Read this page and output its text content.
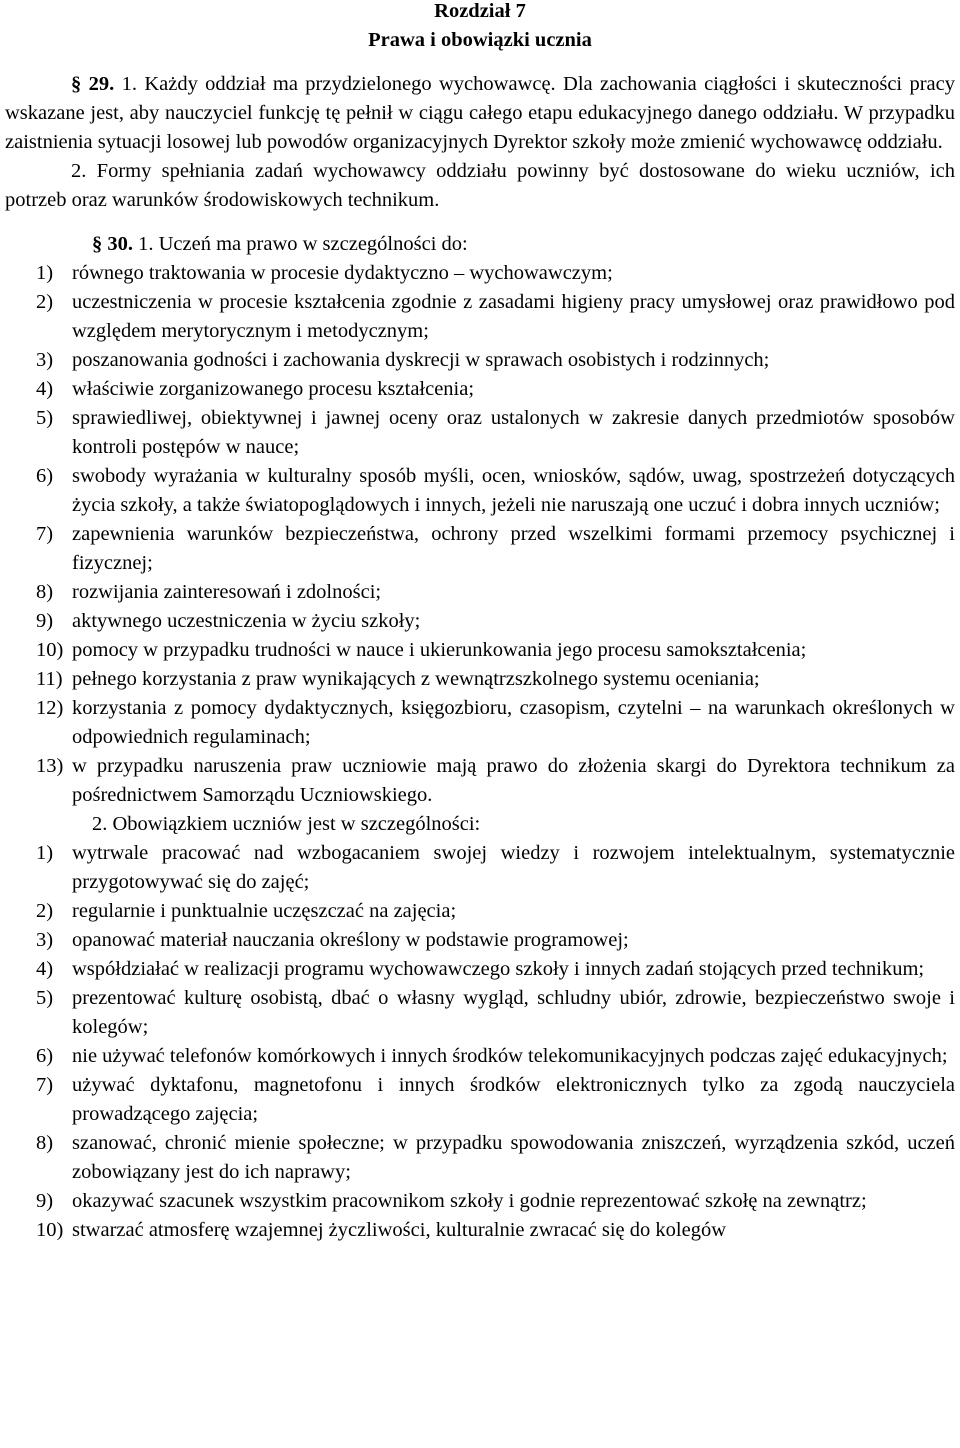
Rozdział 7

Prawa i obowiązki ucznia

§ 29. 1. Każdy oddział ma przydzielonego wychowawcę. Dla zachowania ciągłości i skuteczności pracy wskazane jest, aby nauczyciel funkcję tę pełnił w ciągu całego etapu edukacyjnego danego oddziału. W przypadku zaistnienia sytuacji losowej lub powodów organizacyjnych Dyrektor szkoły może zmienić wychowawcę oddziału.

2. Formy spełniania zadań wychowawcy oddziału powinny być dostosowane do wieku uczniów, ich potrzeb oraz warunków środowiskowych technikum.

§ 30. 1. Uczeń ma prawo w szczególności do:

1) równego traktowania w procesie dydaktyczno – wychowawczym;
2) uczestniczenia w procesie kształcenia zgodnie z zasadami higieny pracy umysłowej oraz prawidłowo pod względem merytorycznym i metodycznym;
3) poszanowania godności i zachowania dyskrecji w sprawach osobistych i rodzinnych;
4) właściwie zorganizowanego procesu kształcenia;
5) sprawiedliwej, obiektywnej i jawnej oceny oraz ustalonych w zakresie danych przedmiotów sposobów kontroli postępów w nauce;
6) swobody wyrażania w kulturalny sposób myśli, ocen, wniosków, sądów, uwag, spostrzeżeń dotyczących życia szkoły, a także światopoglądowych i innych, jeżeli nie naruszają one uczuć i dobra innych uczniów;
7) zapewnienia warunków bezpieczeństwa, ochrony przed wszelkimi formami przemocy psychicznej i fizycznej;
8) rozwijania zainteresowań i zdolności;
9) aktywnego uczestniczenia w życiu szkoły;
10) pomocy w przypadku trudności w nauce i ukierunkowania jego procesu samokształcenia;
11) pełnego korzystania z praw wynikających z wewnątrzszkolnego systemu oceniania;
12) korzystania z pomocy dydaktycznych, księgozbioru, czasopism, czytelni – na warunkach określonych w odpowiednich regulaminach;
13) w przypadku naruszenia praw uczniowie mają prawo do złożenia skargi do Dyrektora technikum za pośrednictwem Samorządu Uczniowskiego.

2. Obowiązkiem uczniów jest w szczególności:

1) wytrwale pracować nad wzbogacaniem swojej wiedzy i rozwojem intelektualnym, systematycznie przygotowywać się do zajęć;
2) regularnie i punktualnie uczęszczać na zajęcia;
3) opanować materiał nauczania określony w podstawie programowej;
4) współdziałać w realizacji programu wychowawczego szkoły i innych zadań stojących przed technikum;
5) prezentować kulturę osobistą, dbać o własny wygląd, schludny ubiór, zdrowie, bezpieczeństwo swoje i kolegów;
6) nie używać telefonów komórkowych i innych środków telekomunikacyjnych podczas zajęć edukacyjnych;
7) używać dyktafonu, magnetofonu i innych środków elektronicznych tylko za zgodą nauczyciela prowadzącego zajęcia;
8) szanować, chronić mienie społeczne; w przypadku spowodowania zniszczeń, wyrządzenia szkód, uczeń zobowiązany jest do ich naprawy;
9) okazywać szacunek wszystkim pracownikom szkoły i godnie reprezentować szkołę na zewnątrz;
10) stwarzać atmosferę wzajemnej życzliwości, kulturalnie zwracać się do kolegów
